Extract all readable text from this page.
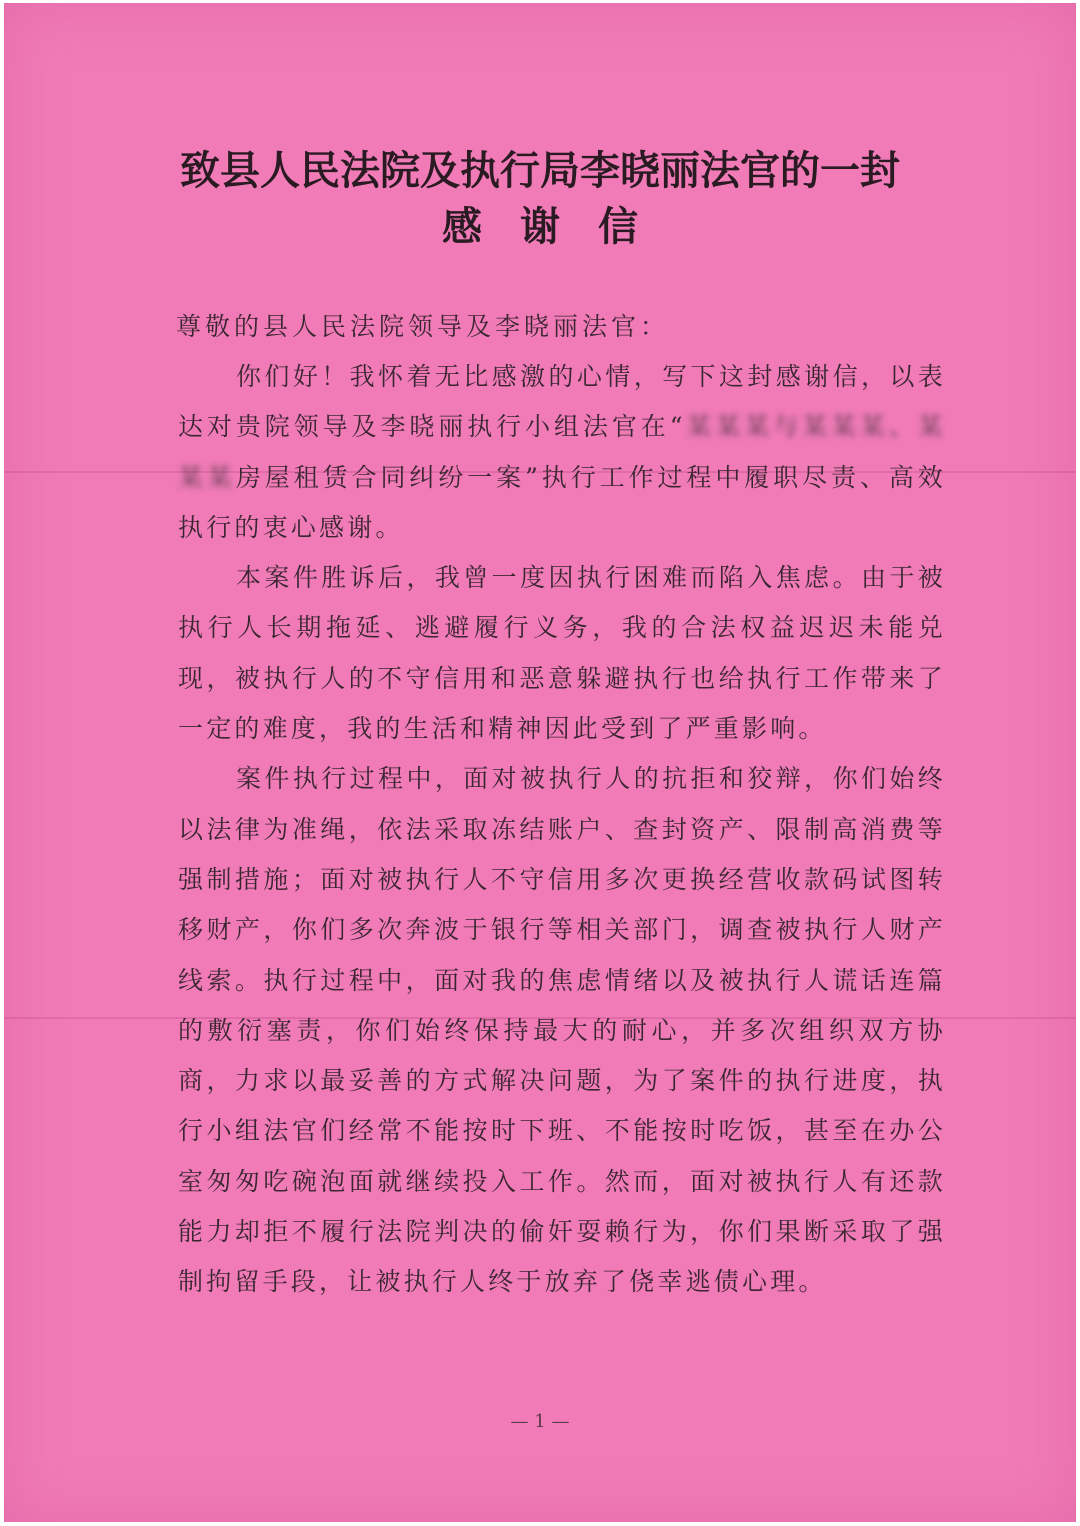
致县人民法院及执行局李晓丽法官的一封
感谢信

尊敬的县人民法院领导及李晓丽法官：

你们好！我怀着无比感激的心情，写下这封感谢信，以表达对贵院领导及李晓丽执行小组法官在“某某某与某某某、某某某房屋租赁合同纠纷一案”执行工作过程中履职尽责、高效执行的衷心感谢。

本案件胜诉后，我曾一度因执行困难而陷入焦虑。由于被执行人长期拖延、逃避履行义务，我的合法权益迟迟未能兑现，被执行人的不守信用和恶意躲避执行也给执行工作带来了一定的难度，我的生活和精神因此受到了严重影响。

案件执行过程中，面对被执行人的抗拒和狡辩，你们始终以法律为准绳，依法采取冻结账户、查封资产、限制高消费等强制措施；面对被执行人不守信用多次更换经营收款码试图转移财产，你们多次奔波于银行等相关部门，调查被执行人财产线索。执行过程中，面对我的焦虑情绪以及被执行人谎话连篇的敷衍塞责，你们始终保持最大的耐心，并多次组织双方协商，力求以最妥善的方式解决问题，为了案件的执行进度，执行小组法官们经常不能按时下班、不能按时吃饭，甚至在办公室匆匆吃碗泡面就继续投入工作。然而，面对被执行人有还款能力却拒不履行法院判决的偷奸耍赖行为，你们果断采取了强制拘留手段，让被执行人终于放弃了侥幸逃债心理。

— 1 —
